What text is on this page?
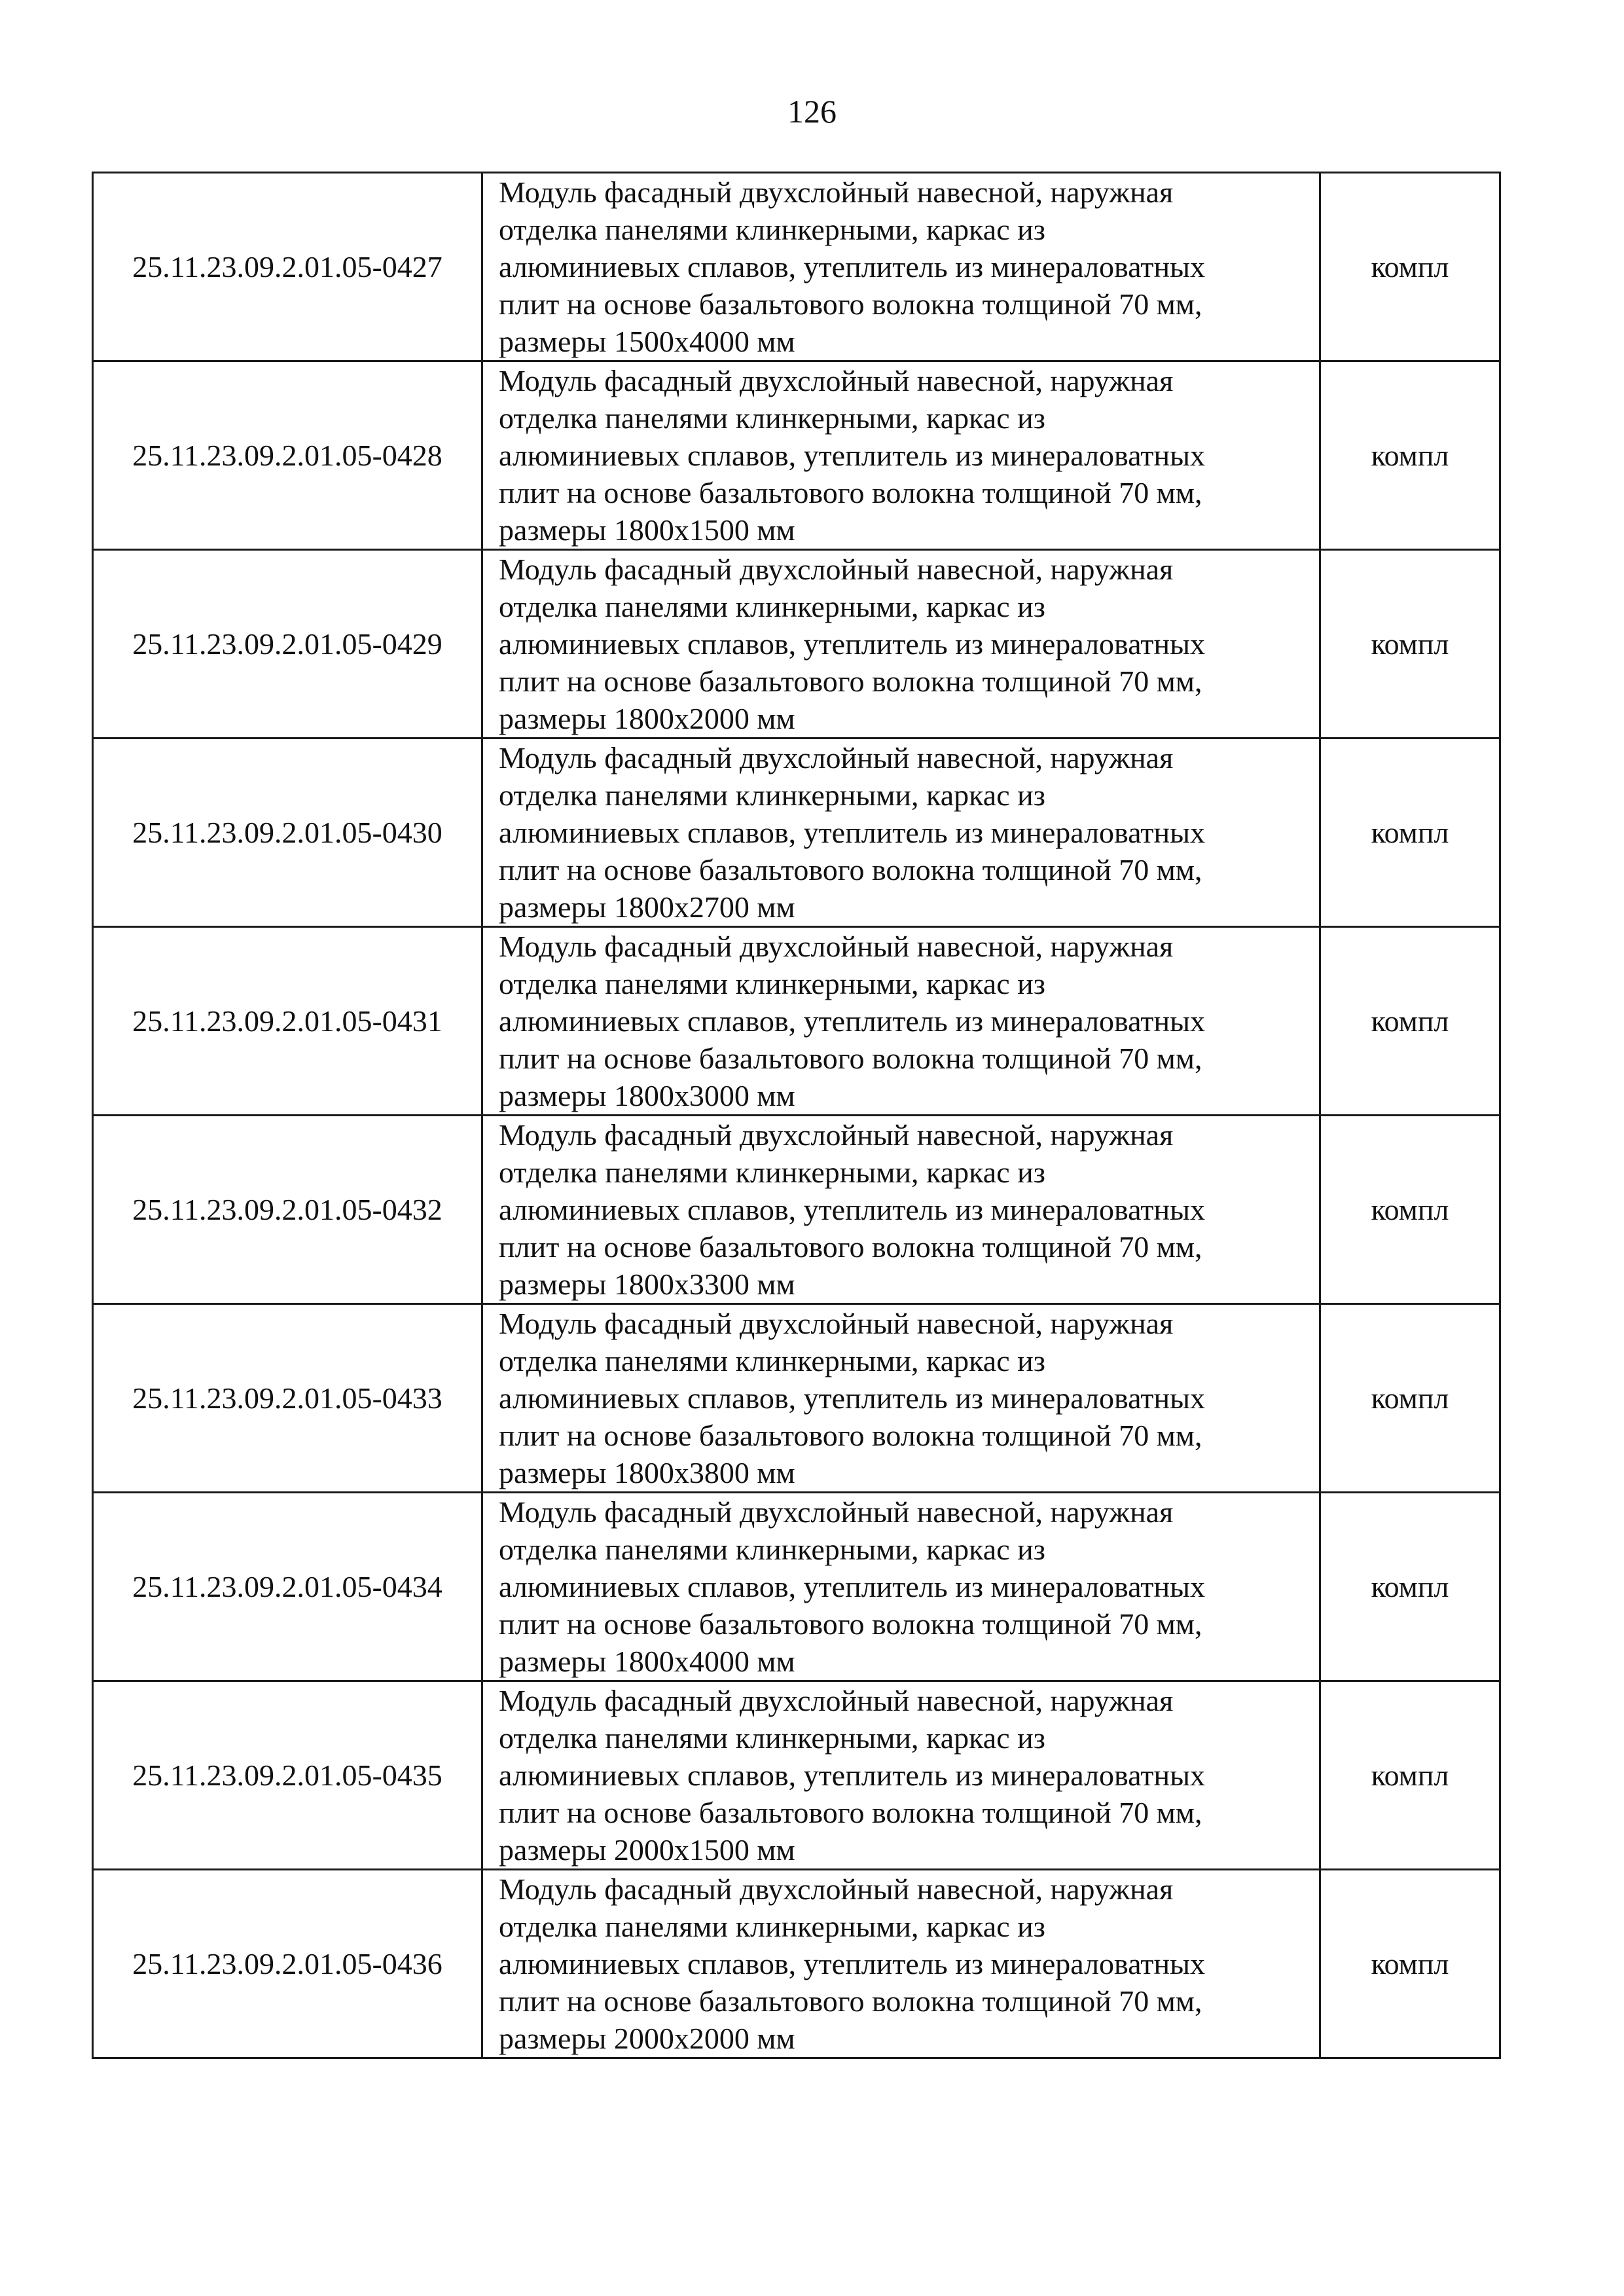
126
25.11.23.09.2.01.05-0427	Модуль фасадный двухслойный навесной, наружная
отделка панелями клинкерными, каркас из
алюминиевых сплавов, утеплитель из минераловатных
плит на основе базальтового волокна толщиной 70 мм,
размеры 1500х4000 мм	компл
25.11.23.09.2.01.05-0428	Модуль фасадный двухслойный навесной, наружная
отделка панелями клинкерными, каркас из
алюминиевых сплавов, утеплитель из минераловатных
плит на основе базальтового волокна толщиной 70 мм,
размеры 1800х1500 мм	компл
25.11.23.09.2.01.05-0429	Модуль фасадный двухслойный навесной, наружная
отделка панелями клинкерными, каркас из
алюминиевых сплавов, утеплитель из минераловатных
плит на основе базальтового волокна толщиной 70 мм,
размеры 1800х2000 мм	компл
25.11.23.09.2.01.05-0430	Модуль фасадный двухслойный навесной, наружная
отделка панелями клинкерными, каркас из
алюминиевых сплавов, утеплитель из минераловатных
плит на основе базальтового волокна толщиной 70 мм,
размеры 1800х2700 мм	компл
25.11.23.09.2.01.05-0431	Модуль фасадный двухслойный навесной, наружная
отделка панелями клинкерными, каркас из
алюминиевых сплавов, утеплитель из минераловатных
плит на основе базальтового волокна толщиной 70 мм,
размеры 1800х3000 мм	компл
25.11.23.09.2.01.05-0432	Модуль фасадный двухслойный навесной, наружная
отделка панелями клинкерными, каркас из
алюминиевых сплавов, утеплитель из минераловатных
плит на основе базальтового волокна толщиной 70 мм,
размеры 1800х3300 мм	компл
25.11.23.09.2.01.05-0433	Модуль фасадный двухслойный навесной, наружная
отделка панелями клинкерными, каркас из
алюминиевых сплавов, утеплитель из минераловатных
плит на основе базальтового волокна толщиной 70 мм,
размеры 1800х3800 мм	компл
25.11.23.09.2.01.05-0434	Модуль фасадный двухслойный навесной, наружная
отделка панелями клинкерными, каркас из
алюминиевых сплавов, утеплитель из минераловатных
плит на основе базальтового волокна толщиной 70 мм,
размеры 1800х4000 мм	компл
25.11.23.09.2.01.05-0435	Модуль фасадный двухслойный навесной, наружная
отделка панелями клинкерными, каркас из
алюминиевых сплавов, утеплитель из минераловатных
плит на основе базальтового волокна толщиной 70 мм,
размеры 2000х1500 мм	компл
25.11.23.09.2.01.05-0436	Модуль фасадный двухслойный навесной, наружная
отделка панелями клинкерными, каркас из
алюминиевых сплавов, утеплитель из минераловатных
плит на основе базальтового волокна толщиной 70 мм,
размеры 2000х2000 мм	компл
